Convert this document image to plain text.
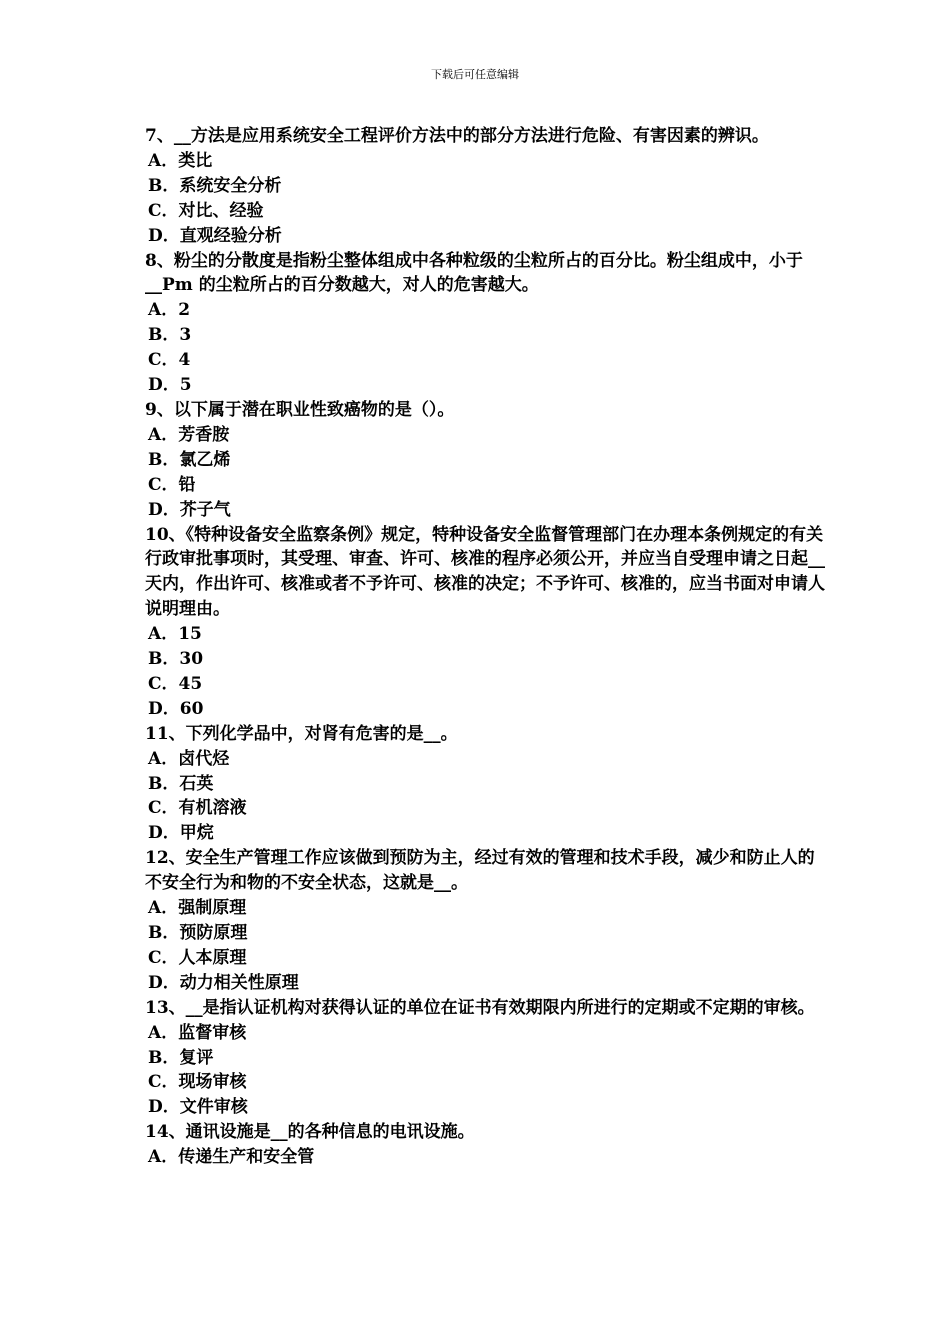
下载后可任意编辑

7、__方法是应用系统安全工程评价方法中的部分方法进行危险、有害因素的辨识。

A．类比

B．系统安全分析

C．对比、经验

D．直观经验分析

8、粉尘的分散度是指粉尘整体组成中各种粒级的尘粒所占的百分比。粉尘组成中，小于__Pm 的尘粒所占的百分数越大，对人的危害越大。

A．2

B．3

C．4

D．5

9、以下属于潜在职业性致癌物的是（）。

A．芳香胺

B．氯乙烯

C．铅

D．芥子气

10、《特种设备安全监察条例》规定，特种设备安全监督管理部门在办理本条例规定的有关行政审批事项时，其受理、审查、许可、核准的程序必须公开，并应当自受理申请之日起__天内，作出许可、核准或者不予许可、核准的决定；不予许可、核准的，应当书面对申请人说明理由。

A．15

B．30

C．45

D．60

11、下列化学品中，对肾有危害的是__。

A．卤代烃

B．石英

C．有机溶液

D．甲烷

12、安全生产管理工作应该做到预防为主，经过有效的管理和技术手段，减少和防止人的不安全行为和物的不安全状态，这就是__。

A．强制原理

B．预防原理

C．人本原理

D．动力相关性原理

13、__是指认证机构对获得认证的单位在证书有效期限内所进行的定期或不定期的审核。

A．监督审核

B．复评

C．现场审核

D．文件审核

14、通讯设施是__的各种信息的电讯设施。

A．传递生产和安全管
